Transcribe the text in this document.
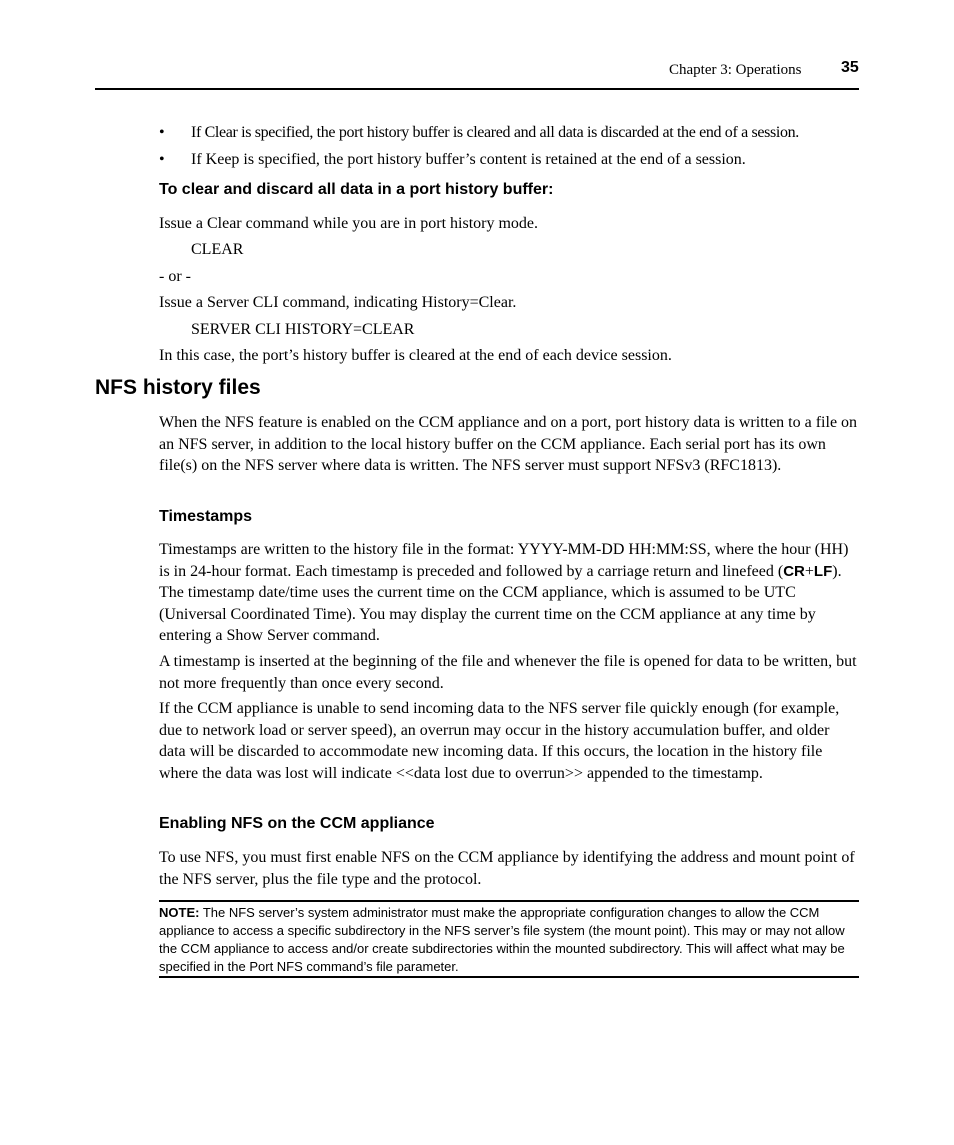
Chapter 3: Operations 35
• If Clear is specified, the port history buffer is cleared and all data is discarded at the end of a session.
• If Keep is specified, the port history buffer’s content is retained at the end of a session.
To clear and discard all data in a port history buffer:
Issue a Clear command while you are in port history mode.
CLEAR
- or -
Issue a Server CLI command, indicating History=Clear.
SERVER CLI HISTORY=CLEAR
In this case, the port’s history buffer is cleared at the end of each device session.
NFS history files
When the NFS feature is enabled on the CCM appliance and on a port, port history data is written to a file on an NFS server, in addition to the local history buffer on the CCM appliance. Each serial port has its own file(s) on the NFS server where data is written. The NFS server must support NFSv3 (RFC1813).
Timestamps
Timestamps are written to the history file in the format: YYYY-MM-DD HH:MM:SS, where the hour (HH) is in 24-hour format. Each timestamp is preceded and followed by a carriage return and linefeed (CR+LF). The timestamp date/time uses the current time on the CCM appliance, which is assumed to be UTC (Universal Coordinated Time). You may display the current time on the CCM appliance at any time by entering a Show Server command.
A timestamp is inserted at the beginning of the file and whenever the file is opened for data to be written, but not more frequently than once every second.
If the CCM appliance is unable to send incoming data to the NFS server file quickly enough (for example, due to network load or server speed), an overrun may occur in the history accumulation buffer, and older data will be discarded to accommodate new incoming data. If this occurs, the location in the history file where the data was lost will indicate <<data lost due to overrun>> appended to the timestamp.
Enabling NFS on the CCM appliance
To use NFS, you must first enable NFS on the CCM appliance by identifying the address and mount point of the NFS server, plus the file type and the protocol.
NOTE: The NFS server’s system administrator must make the appropriate configuration changes to allow the CCM appliance to access a specific subdirectory in the NFS server’s file system (the mount point). This may or may not allow the CCM appliance to access and/or create subdirectories within the mounted subdirectory. This will affect what may be specified in the Port NFS command’s file parameter.
